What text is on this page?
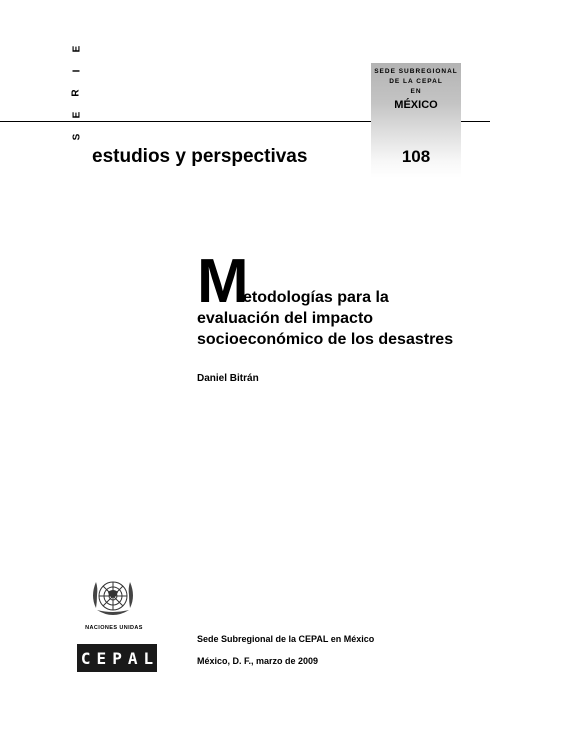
E
I
R
E
S
SEDE SUBREGIONAL
DE LA CEPAL
EN
MÉXICO
108
estudios y perspectivas
M
etodologías para la
evaluación del impacto
socioeconómico de los desastres
Daniel Bitrán
NACIONES UNIDAS
CEPAL
Sede Subregional de la CEPAL en México
México, D. F., marzo de 2009
